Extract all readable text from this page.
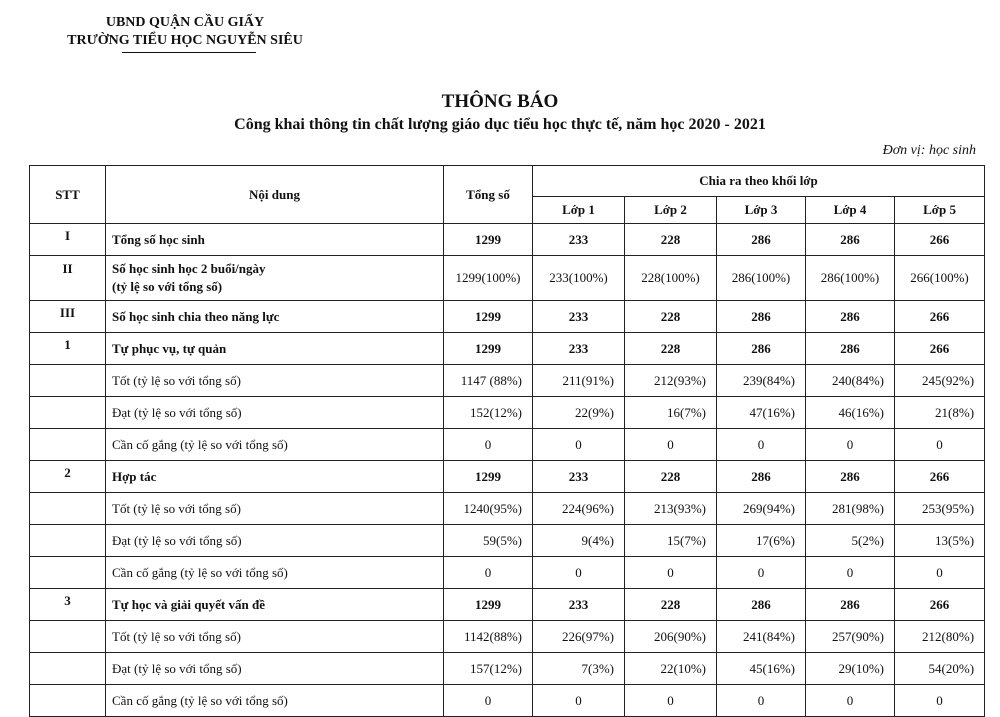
UBND QUẬN CẦU GIẤY
TRƯỜNG TIỂU HỌC NGUYỄN SIÊU
THÔNG BÁO
Công khai thông tin chất lượng giáo dục tiểu học thực tế, năm học 2020 - 2021
Đơn vị: học sinh
STT	Nội dung	Tổng số	Chia ra theo khối lớp				
			Lớp 1	Lớp 2	Lớp 3	Lớp 4	Lớp 5
I	Tổng số học sinh	1299	233	228	286	286	266
II	Số học sinh học 2 buổi/ngày
(tỷ lệ so với tổng số)	1299(100%)	233(100%)	228(100%)	286(100%)	286(100%)	266(100%)
III	Số học sinh chia theo năng lực	1299	233	228	286	286	266
1	Tự phục vụ, tự quản	1299	233	228	286	286	266
	Tốt (tỷ lệ so với tổng số)	1147 (88%)	211(91%)	212(93%)	239(84%)	240(84%)	245(92%)
	Đạt (tỷ lệ so với tổng số)	152(12%)	22(9%)	16(7%)	47(16%)	46(16%)	21(8%)
	Cần cố gắng (tỷ lệ so với tổng số)	0	0	0	0	0	0
2	Hợp tác	1299	233	228	286	286	266
	Tốt (tỷ lệ so với tổng số)	1240(95%)	224(96%)	213(93%)	269(94%)	281(98%)	253(95%)
	Đạt (tỷ lệ so với tổng số)	59(5%)	9(4%)	15(7%)	17(6%)	5(2%)	13(5%)
	Cần cố gắng (tỷ lệ so với tổng số)	0	0	0	0	0	0
3	Tự học và giải quyết vấn đề	1299	233	228	286	286	266
	Tốt (tỷ lệ so với tổng số)	1142(88%)	226(97%)	206(90%)	241(84%)	257(90%)	212(80%)
	Đạt (tỷ lệ so với tổng số)	157(12%)	7(3%)	22(10%)	45(16%)	29(10%)	54(20%)
	Cần cố gắng (tỷ lệ so với tổng số)	0	0	0	0	0	0
